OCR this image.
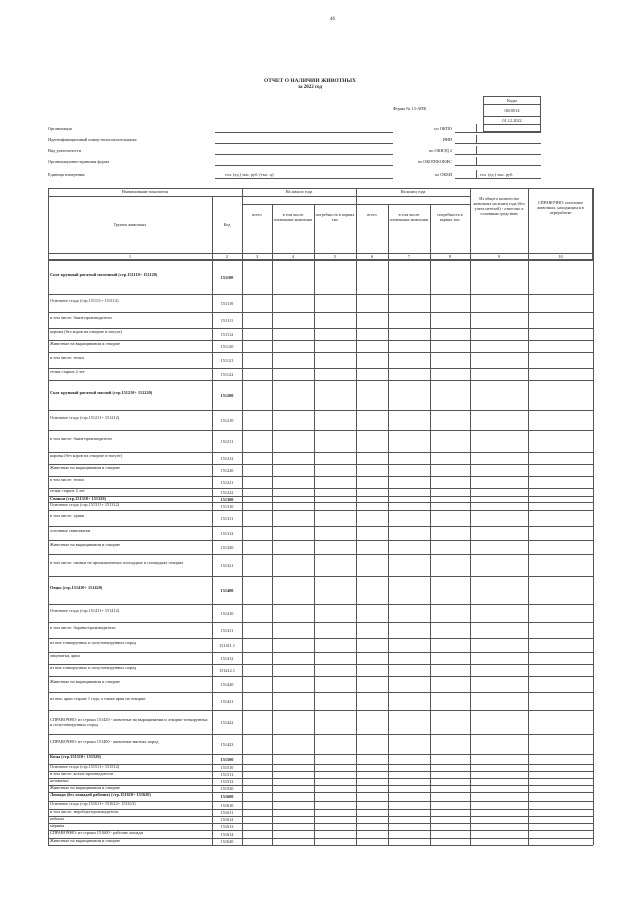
46
ОТЧЕТ О НАЛИЧИИ ЖИВОТНЫХ
за 2022 год
Коды
Форма № 13-АПК	0610014
01.12.2022
Организация	по ОКПО
Идентификационный номер налогоплательщика	ИНН
Вид деятельности	по ОКВЭД 2
Организационно-правовая форма	по ОКОПФ/ОКФС
Единица измерения:	по ОКЕИ
гол. (ед.) тыс. руб. (тыс. ц)	гол. (ед.) тыс. руб.
Наименование показателя
Группы животных	Код
На начало года	На конец года
всего	в том числе племенные животные
потребность в кормах тыс
всего	в том числе племенные животные
потребность в кормах тыс
Из общего количества животных на конец года (без учета нетелей) - отнесено к основным средствам
СПРАВОЧНО: поголовье животных, находящихся в переработке
1	2	3	4	5	6	7	8	9	10
Скот крупный рогатый молочный (стр.151110+ 151120)	151100
Основное стадо (стр.151111+ 151112)	151110
в том числе: быки-производители	151111
коровы (без коров на откорме и нагуле)	151112
Животные на выращивании и откорме	151120
в том числе: телки	151121
телки старше 2 лет	151122
Скот крупный рогатый мясной (стр.151210+ 151220)	151200
Основное стадо (стр.151211+ 151212)	151210
в том числе: быки-производители	151211
коровы (без коров на откорме и нагуле)	151212
Животные на выращивании и откорме	151220
в том числе: телки	151221
телки старше 2 лет	151222
Свиньи (стр.151310+ 151320)	151300
Основное стадо (стр.151311+ 151312)	151310
в том числе: хряки	151311
основные свиноматки	151312
Животные на выращивании и откорме	151320
в том числе: свиньи на промышленных площадках и площадках откорма	151321
Овцы (стр.151410+ 151420)	151400
Основное стадо (стр.151411+ 151412)	151410
в том числе: бараны-производители	151411
из них тонкорунных и полутонкорунных пород	151411.1
овцематки, ярки	151412
из них тонкорунных и полутонкорунных пород	151412.1
Животные на выращивании и откорме	151420
из них: ярки старше 1 года, а также ярки на откорме	151421
СПРАВОЧНО: из строки 151420 - животные на выращивании и откорме тонкорунных и полутонкорунных пород	151422
СПРАВОЧНО: из строки 151400 - животные мясных пород	151423
Козы (стр.151510+ 151520)	151500
Основное стадо (стр.151511+ 151512)	151510
в том числе: козлы-производители	151511
козоматки	151512
Животные на выращивании и откорме	151520
Лошади (без лошадей рабочих) (стр.151610+ 151620)	151600
Основное стадо (стр.151611+ 151612+ 151613)	151610
в том числе: жеребцы-производители	151611
кобылы	151612
мерины	151613
СПРАВОЧНО: из строки 151600 - рабочие лошади	151614
Животные на выращивании и откорме	151620
